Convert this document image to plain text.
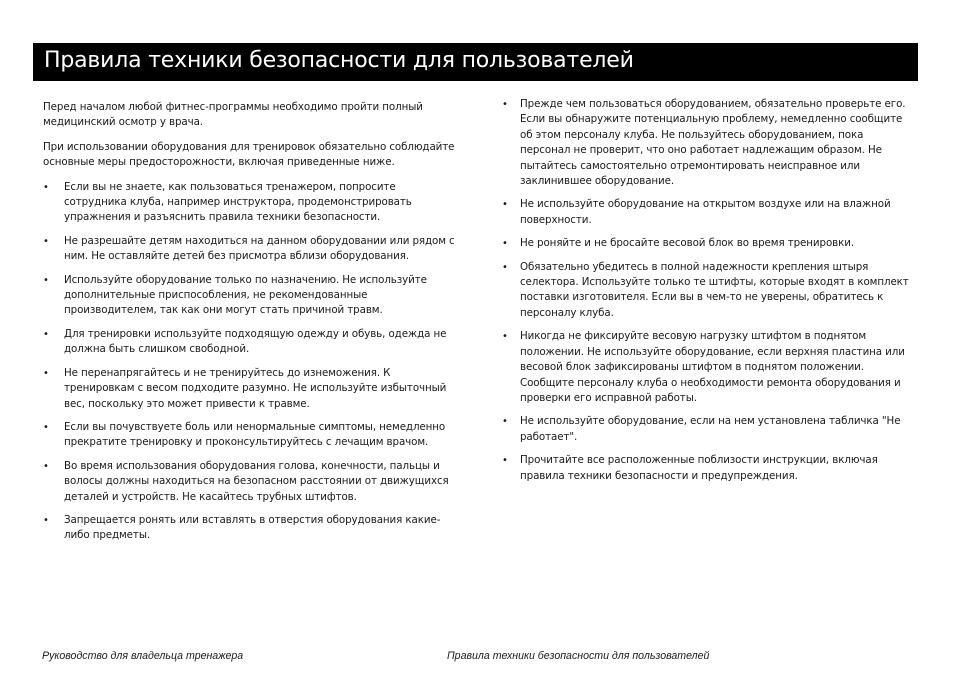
Правила техники безопасности для пользователей

Перед началом любой фитнес-программы необходимо пройти полный медицинский осмотр у врача.

При использовании оборудования для тренировок обязательно соблюдайте основные меры предосторожности, включая приведенные ниже.

• Если вы не знаете, как пользоваться тренажером, попросите сотрудника клуба, например инструктора, продемонстрировать упражнения и разъяснить правила техники безопасности.
• Не разрешайте детям находиться на данном оборудовании или рядом с ним. Не оставляйте детей без присмотра вблизи оборудования.
• Используйте оборудование только по назначению. Не используйте дополнительные приспособления, не рекомендованные производителем, так как они могут стать причиной травм.
• Для тренировки используйте подходящую одежду и обувь, одежда не должна быть слишком свободной.
• Не перенапрягайтесь и не тренируйтесь до изнеможения. К тренировкам с весом подходите разумно. Не используйте избыточный вес, поскольку это может привести к травме.
• Если вы почувствуете боль или ненормальные симптомы, немедленно прекратите тренировку и проконсультируйтесь с лечащим врачом.
• Во время использования оборудования голова, конечности, пальцы и волосы должны находиться на безопасном расстоянии от движущихся деталей и устройств. Не касайтесь трубных штифтов.
• Запрещается ронять или вставлять в отверстия оборудования какие-либо предметы.
• Прежде чем пользоваться оборудованием, обязательно проверьте его. Если вы обнаружите потенциальную проблему, немедленно сообщите об этом персоналу клуба. Не пользуйтесь оборудованием, пока персонал не проверит, что оно работает надлежащим образом. Не пытайтесь самостоятельно отремонтировать неисправное или заклинившее оборудование.
• Не используйте оборудование на открытом воздухе или на влажной поверхности.
• Не роняйте и не бросайте весовой блок во время тренировки.
• Обязательно убедитесь в полной надежности крепления штыря селектора. Используйте только те штифты, которые входят в комплект поставки изготовителя. Если вы в чем-то не уверены, обратитесь к персоналу клуба.
• Никогда не фиксируйте весовую нагрузку штифтом в поднятом положении. Не используйте оборудование, если верхняя пластина или весовой блок зафиксированы штифтом в поднятом положении. Сообщите персоналу клуба о необходимости ремонта оборудования и проверки его исправной работы.
• Не используйте оборудование, если на нем установлена табличка "Не работает".
• Прочитайте все расположенные поблизости инструкции, включая правила техники безопасности и предупреждения.
Руководство для владельца тренажера	Правила техники безопасности для пользователей
